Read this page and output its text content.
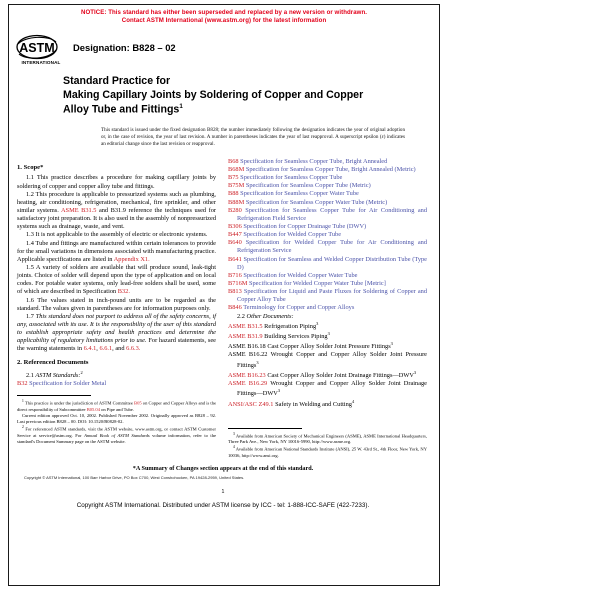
NOTICE: This standard has either been superseded and replaced by a new version or withdrawn.
Contact ASTM International (www.astm.org) for the latest information
ASTM
INTERNATIONAL
Designation: B828 – 02
Standard Practice for
Making Capillary Joints by Soldering of Copper and Copper
Alloy Tube and Fittings$^1$
This standard is issued under the fixed designation B828; the number immediately following the designation indicates the year of original adoption or, in the case of revision, the year of last revision. A number in parentheses indicates the year of last reapproval. A superscript epsilon (ε) indicates an editorial change since the last revision or reapproval.
1. Scope*

1.1 This practice describes a procedure for making capillary joints by soldering of copper and copper alloy tube and fittings.

1.2 This procedure is applicable to pressurized systems such as plumbing, heating, air conditioning, refrigeration, mechanical, fire sprinkler, and other similar systems. ASME B31.5 and B31.9 reference the techniques used for satisfactory joint preparation. It is also used in the assembly of nonpressurized systems such as drainage, waste, and vent.

1.3 It is not applicable to the assembly of electric or electronic systems.

1.4 Tube and fittings are manufactured within certain tolerances to provide for the small variations in dimensions associated with manufacturing practice. Applicable specifications are listed in Appendix X1.

1.5 A variety of solders are available that will produce sound, leak-tight joints. Choice of solder will depend upon the type of application and on local codes. For potable water systems, only lead-free solders shall be used, some of which are described in Specification B32.

1.6 The values stated in inch-pound units are to be regarded as the standard. The values given in parentheses are for information purposes only.

1.7 This standard does not purport to address all of the safety concerns, if any, associated with its use. It is the responsibility of the user of this standard to establish appropriate safety and health practices and determine the applicability of regulatory limitations prior to use. For hazard statements, see the warning statements in 6.4.1, 6.6.1, and 6.6.3.

2. Referenced Documents

2.1 ASTM Standards:$^2$

B32 Specification for Solder Metal

$^1$ This practice is under the jurisdiction of ASTM Committee B05 on Copper and Copper Alloys and is the direct responsibility of Subcommittee B05.04 on Pipe and Tube.

Current edition approved Oct. 10, 2002. Published November 2002. Originally approved as B828 – 92. Last previous edition B828 – 00. DOI: 10.1520/B0828-02.

$^2$ For referenced ASTM standards, visit the ASTM website, www.astm.org, or contact ASTM Customer Service at service@astm.org. For Annual Book of ASTM Standards volume information, refer to the standard's Document Summary page on the ASTM website.

B68 Specification for Seamless Copper Tube, Bright Annealed

B68M Specification for Seamless Copper Tube, Bright Annealed (Metric)

B75 Specification for Seamless Copper Tube

B75M Specification for Seamless Copper Tube (Metric)

B88 Specification for Seamless Copper Water Tube

B88M Specification for Seamless Copper Water Tube (Metric)

B280 Specification for Seamless Copper Tube for Air Conditioning and Refrigeration Field Service

B306 Specification for Copper Drainage Tube (DWV)

B447 Specification for Welded Copper Tube

B640 Specification for Welded Copper Tube for Air Conditioning and Refrigeration Service

B641 Specification for Seamless and Welded Copper Distribution Tube (Type D)

B716 Specification for Welded Copper Water Tube

B716M Specification for Welded Copper Water Tube [Metric]

B813 Specification for Liquid and Paste Fluxes for Soldering of Copper and Copper Alloy Tube

B846 Terminology for Copper and Copper Alloys

2.2 Other Documents:

ASME B31.5 Refrigeration Piping$^3$

ASME B31.9 Building Services Piping$^3$

ASME B16.18 Cast Copper Alloy Solder Joint Pressure Fittings$^3$

ASME B16.22 Wrought Copper and Copper Alloy Solder Joint Pressure Fittings$^3$

ASME B16.23 Cast Copper Alloy Solder Joint Drainage Fittings—DWV$^3$

ASME B16.29 Wrought Copper and Copper Alloy Solder Joint Drainage Fittings—DWV$^3$

ANSI/ASC Z49.1 Safety in Welding and Cutting$^4$

$^3$ Available from American Society of Mechanical Engineers (ASME), ASME International Headquarters, Three Park Ave., New York, NY 10016-5990, http://www.asme.org.

$^4$ Available from American National Standards Institute (ANSI), 25 W. 43rd St., 4th Floor, New York, NY 10036, http://www.ansi.org.

*A Summary of Changes section appears at the end of this standard.
Copyright © ASTM International, 100 Barr Harbor Drive, PO Box C700, West Conshohocken, PA 19428-2959, United States.
1
Copyright ASTM International. Distributed under ASTM license by ICC - tel: 1-888-ICC-SAFE (422-7233).
